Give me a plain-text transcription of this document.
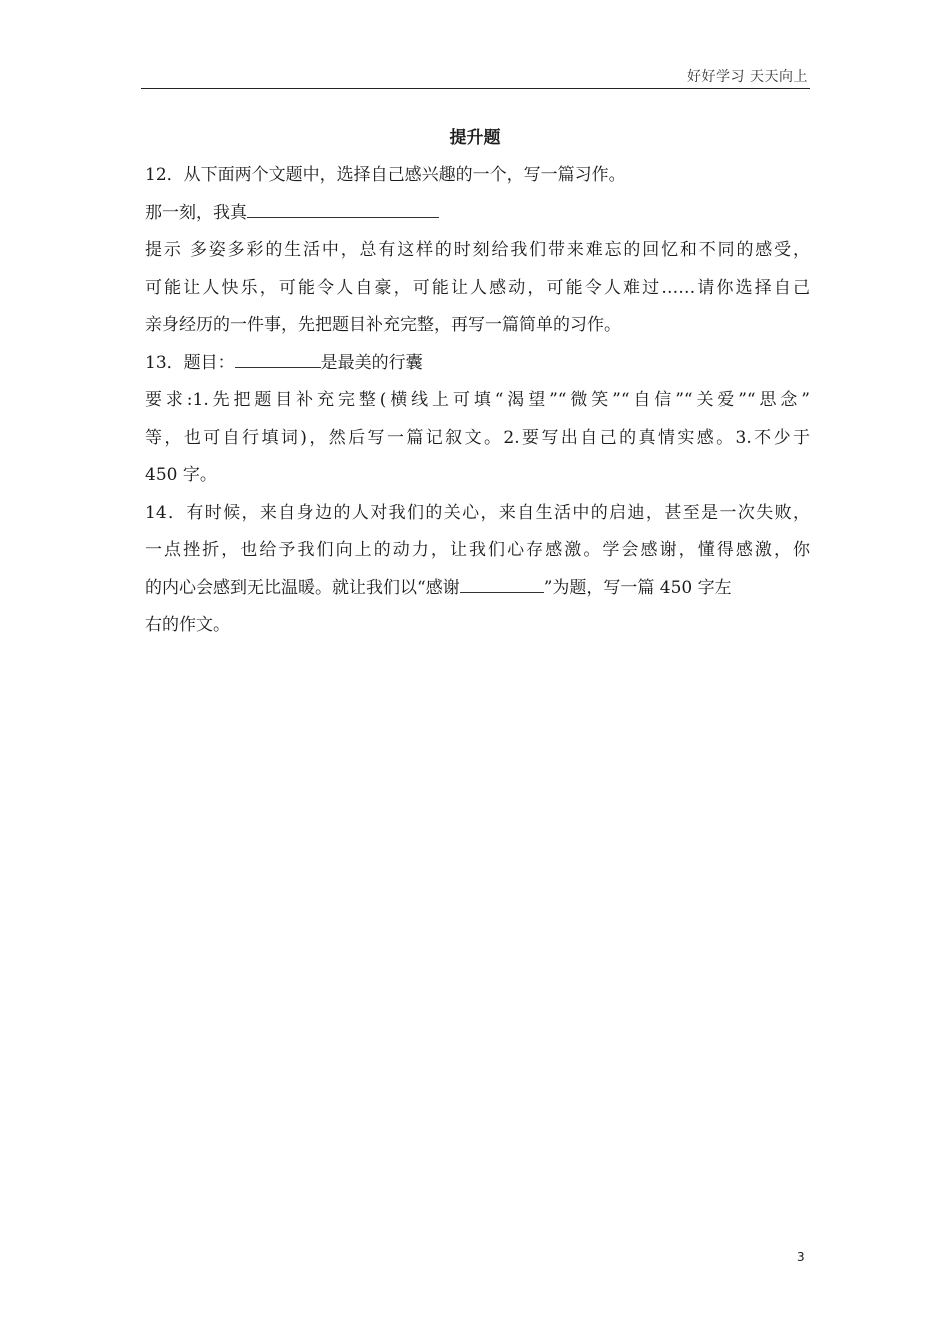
好好学习 天天向上
提升题
12．从下面两个文题中，选择自己感兴趣的一个，写一篇习作。
那一刻，我真
提示 多姿多彩的生活中，总有这样的时刻给我们带来难忘的回忆和不同的感受，
可能让人快乐，可能令人自豪，可能让人感动，可能令人难过……请你选择自己
亲身经历的一件事，先把题目补充完整，再写一篇简单的习作。
13．题目：	是最美的行囊
要求:1.先把题目补充完整(横线上可填“渴望”“微笑”“自信”“关爱”“思念”
等，也可自行填词)，然后写一篇记叙文。2.要写出自己的真情实感。3.不少于
450 字。
14．有时候，来自身边的人对我们的关心，来自生活中的启迪，甚至是一次失败，
一点挫折，也给予我们向上的动力，让我们心存感激。学会感谢，懂得感激，你
的内心会感到无比温暖。就让我们以“感谢	”为题，写一篇 450 字左
右的作文。
3
